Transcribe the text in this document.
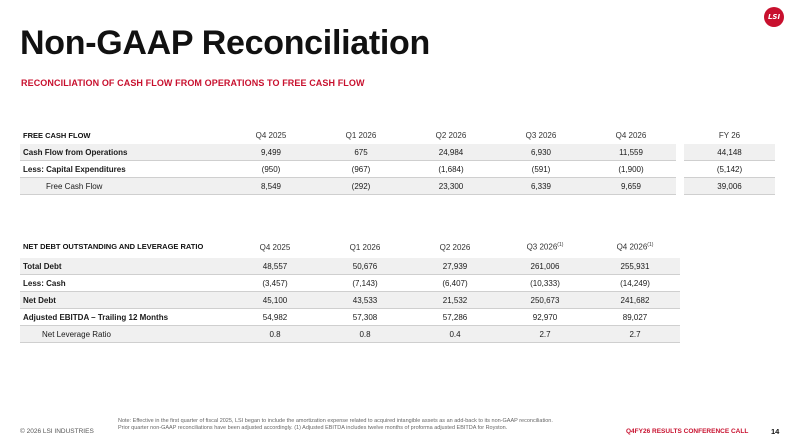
LSI
Non-GAAP Reconciliation
RECONCILIATION OF CASH FLOW FROM OPERATIONS TO FREE CASH FLOW
FREE CASH FLOW	Q4 2025	Q1 2026	Q2 2026	Q3 2026	Q4 2026		FY 26
Cash Flow from Operations	9,499	675	24,984	6,930	11,559		44,148
Less: Capital Expenditures	(950)	(967)	(1,684)	(591)	(1,900)		(5,142)
Free Cash Flow	8,549	(292)	23,300	6,339	9,659		39,006
NET DEBT OUTSTANDING AND LEVERAGE RATIO	Q4 2025	Q1 2026	Q2 2026	Q3 2026$^{(1)}$	Q4 2026$^{(1)}$
Total Debt	48,557	50,676	27,939	261,006	255,931
Less: Cash	(3,457)	(7,143)	(6,407)	(10,333)	(14,249)
Net Debt	45,100	43,533	21,532	250,673	241,682
Adjusted EBITDA – Trailing 12 Months	54,982	57,308	57,286	92,970	89,027
Net Leverage Ratio	0.8	0.8	0.4	2.7	2.7
© 2026 LSI INDUSTRIES
Note: Effective in the first quarter of fiscal 2025, LSI began to include the amortization expense related to acquired intangible assets as an add-back to its non-GAAP reconciliation. Prior quarter non-GAAP reconciliations have been adjusted accordingly. (1) Adjusted EBITDA includes twelve months of proforma adjusted EBITDA for Royston.	Q4FY26 RESULTS CONFERENCE CALL	14
